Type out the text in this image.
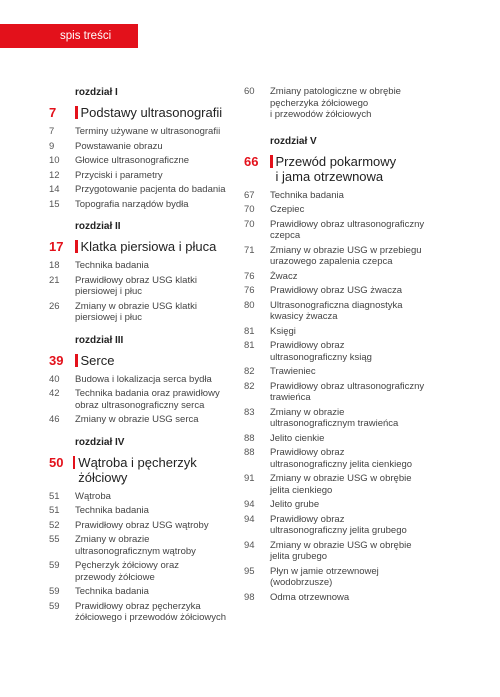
spis treści
rozdział I
7	Podstawy ultrasonografii
7	Terminy używane w ultrasonografii
9	Powstawanie obrazu
10	Głowice ultrasonograficzne
12	Przyciski i parametry
14	Przygotowanie pacjenta do badania
15	Topografia narządów bydła
rozdział II
17	Klatka piersiowa i płuca
18	Technika badania
21	Prawidłowy obraz USG klatki
piersiowej i płuc
26	Zmiany w obrazie USG klatki
piersiowej i płuc
rozdział III
39	Serce
40	Budowa i lokalizacja serca bydła
42	Technika badania oraz prawidłowy
obraz ultrasonograficzny serca
46	Zmiany w obrazie USG serca
rozdział IV
50	Wątroba i pęcherzyk żółciowy
51	Wątroba
51	Technika badania
52	Prawidłowy obraz USG wątroby
55	Zmiany w obrazie
ultrasonograficznym wątroby
59	Pęcherzyk żółciowy oraz
przewody żółciowe
59	Technika badania
59	Prawidłowy obraz pęcherzyka
żółciowego i przewodów żółciowych
60	Zmiany patologiczne w obrębie
pęcherzyka żółciowego
i przewodów żółciowych
rozdział V
66	Przewód pokarmowy
i jama otrzewnowa
67	Technika badania
70	Czepiec
70	Prawidłowy obraz ultrasonograficzny
czepca
71	Zmiany w obrazie USG w przebiegu
urazowego zapalenia czepca
76	Żwacz
76	Prawidłowy obraz USG żwacza
80	Ultrasonograficzna diagnostyka
kwasicy żwacza
81	Księgi
81	Prawidłowy obraz
ultrasonograficzny ksiąg
82	Trawieniec
82	Prawidłowy obraz ultrasonograficzny
trawieńca
83	Zmiany w obrazie
ultrasonograficznym trawieńca
88	Jelito cienkie
88	Prawidłowy obraz
ultrasonograficzny jelita cienkiego
91	Zmiany w obrazie USG w obrębie
jelita cienkiego
94	Jelito grube
94	Prawidłowy obraz
ultrasonograficzny jelita grubego
94	Zmiany w obrazie USG w obrębie
jelita grubego
95	Płyn w jamie otrzewnowej
(wodobrzusze)
98	Odma otrzewnowa
